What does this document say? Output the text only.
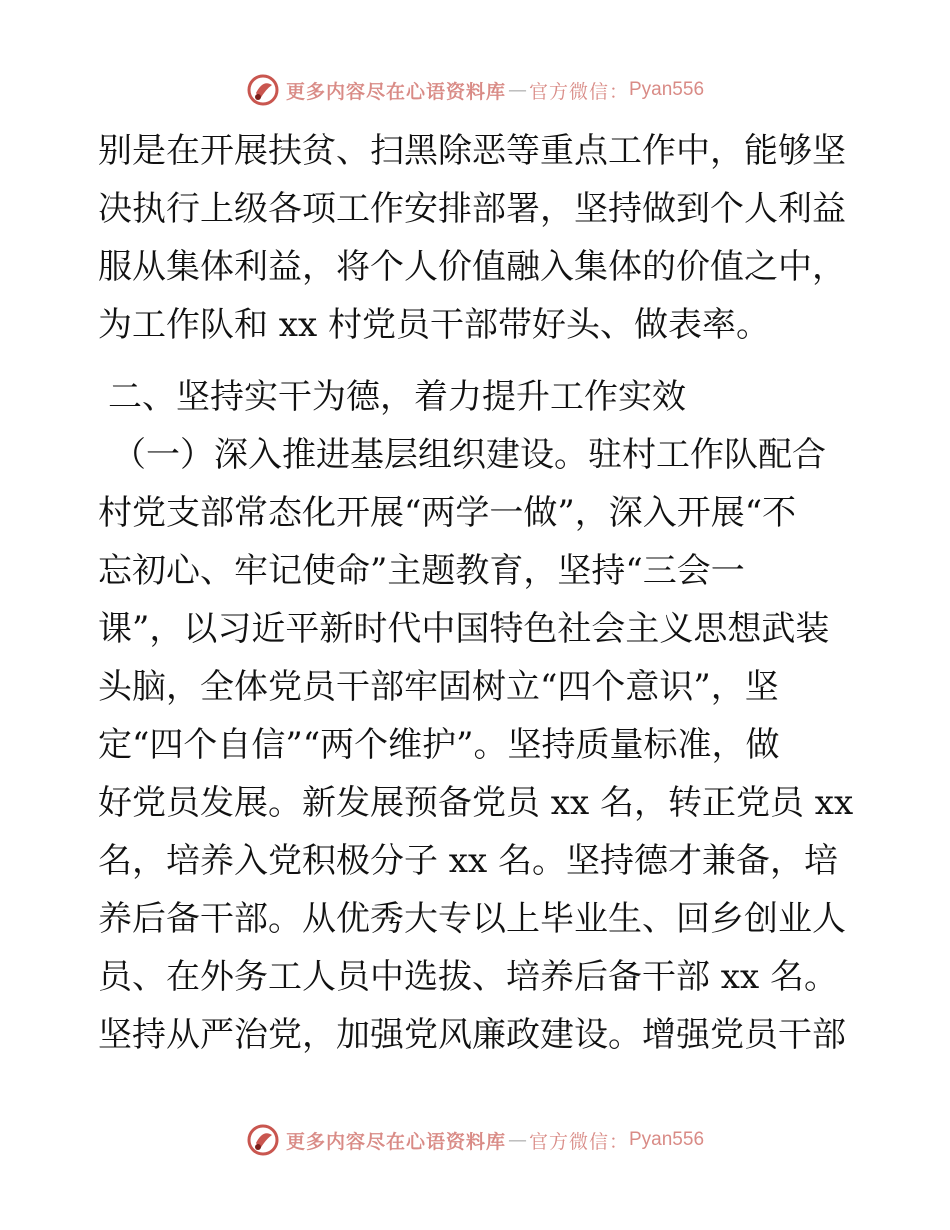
更多内容尽在心语资料库 — 官方微信： Pyan556
别是在开展扶贫、扫黑除恶等重点工作中，能够坚
决执行上级各项工作安排部署，坚持做到个人利益
服从集体利益，将个人价值融入集体的价值之中，
为工作队和 xx 村党员干部带好头、做表率。
二、坚持实干为德，着力提升工作实效
（一）深入推进基层组织建设。驻村工作队配合
村党支部常态化开展“两学一做”，深入开展“不
忘初心、牢记使命”主题教育，坚持“三会一
课”，以习近平新时代中国特色社会主义思想武装
头脑，全体党员干部牢固树立“四个意识”，坚
定“四个自信”“两个维护”。坚持质量标准，做
好党员发展。新发展预备党员 xx 名，转正党员 xx
名，培养入党积极分子 xx 名。坚持德才兼备，培
养后备干部。从优秀大专以上毕业生、回乡创业人
员、在外务工人员中选拔、培养后备干部 xx 名。
坚持从严治党，加强党风廉政建设。增强党员干部
更多内容尽在心语资料库 — 官方微信： Pyan556
